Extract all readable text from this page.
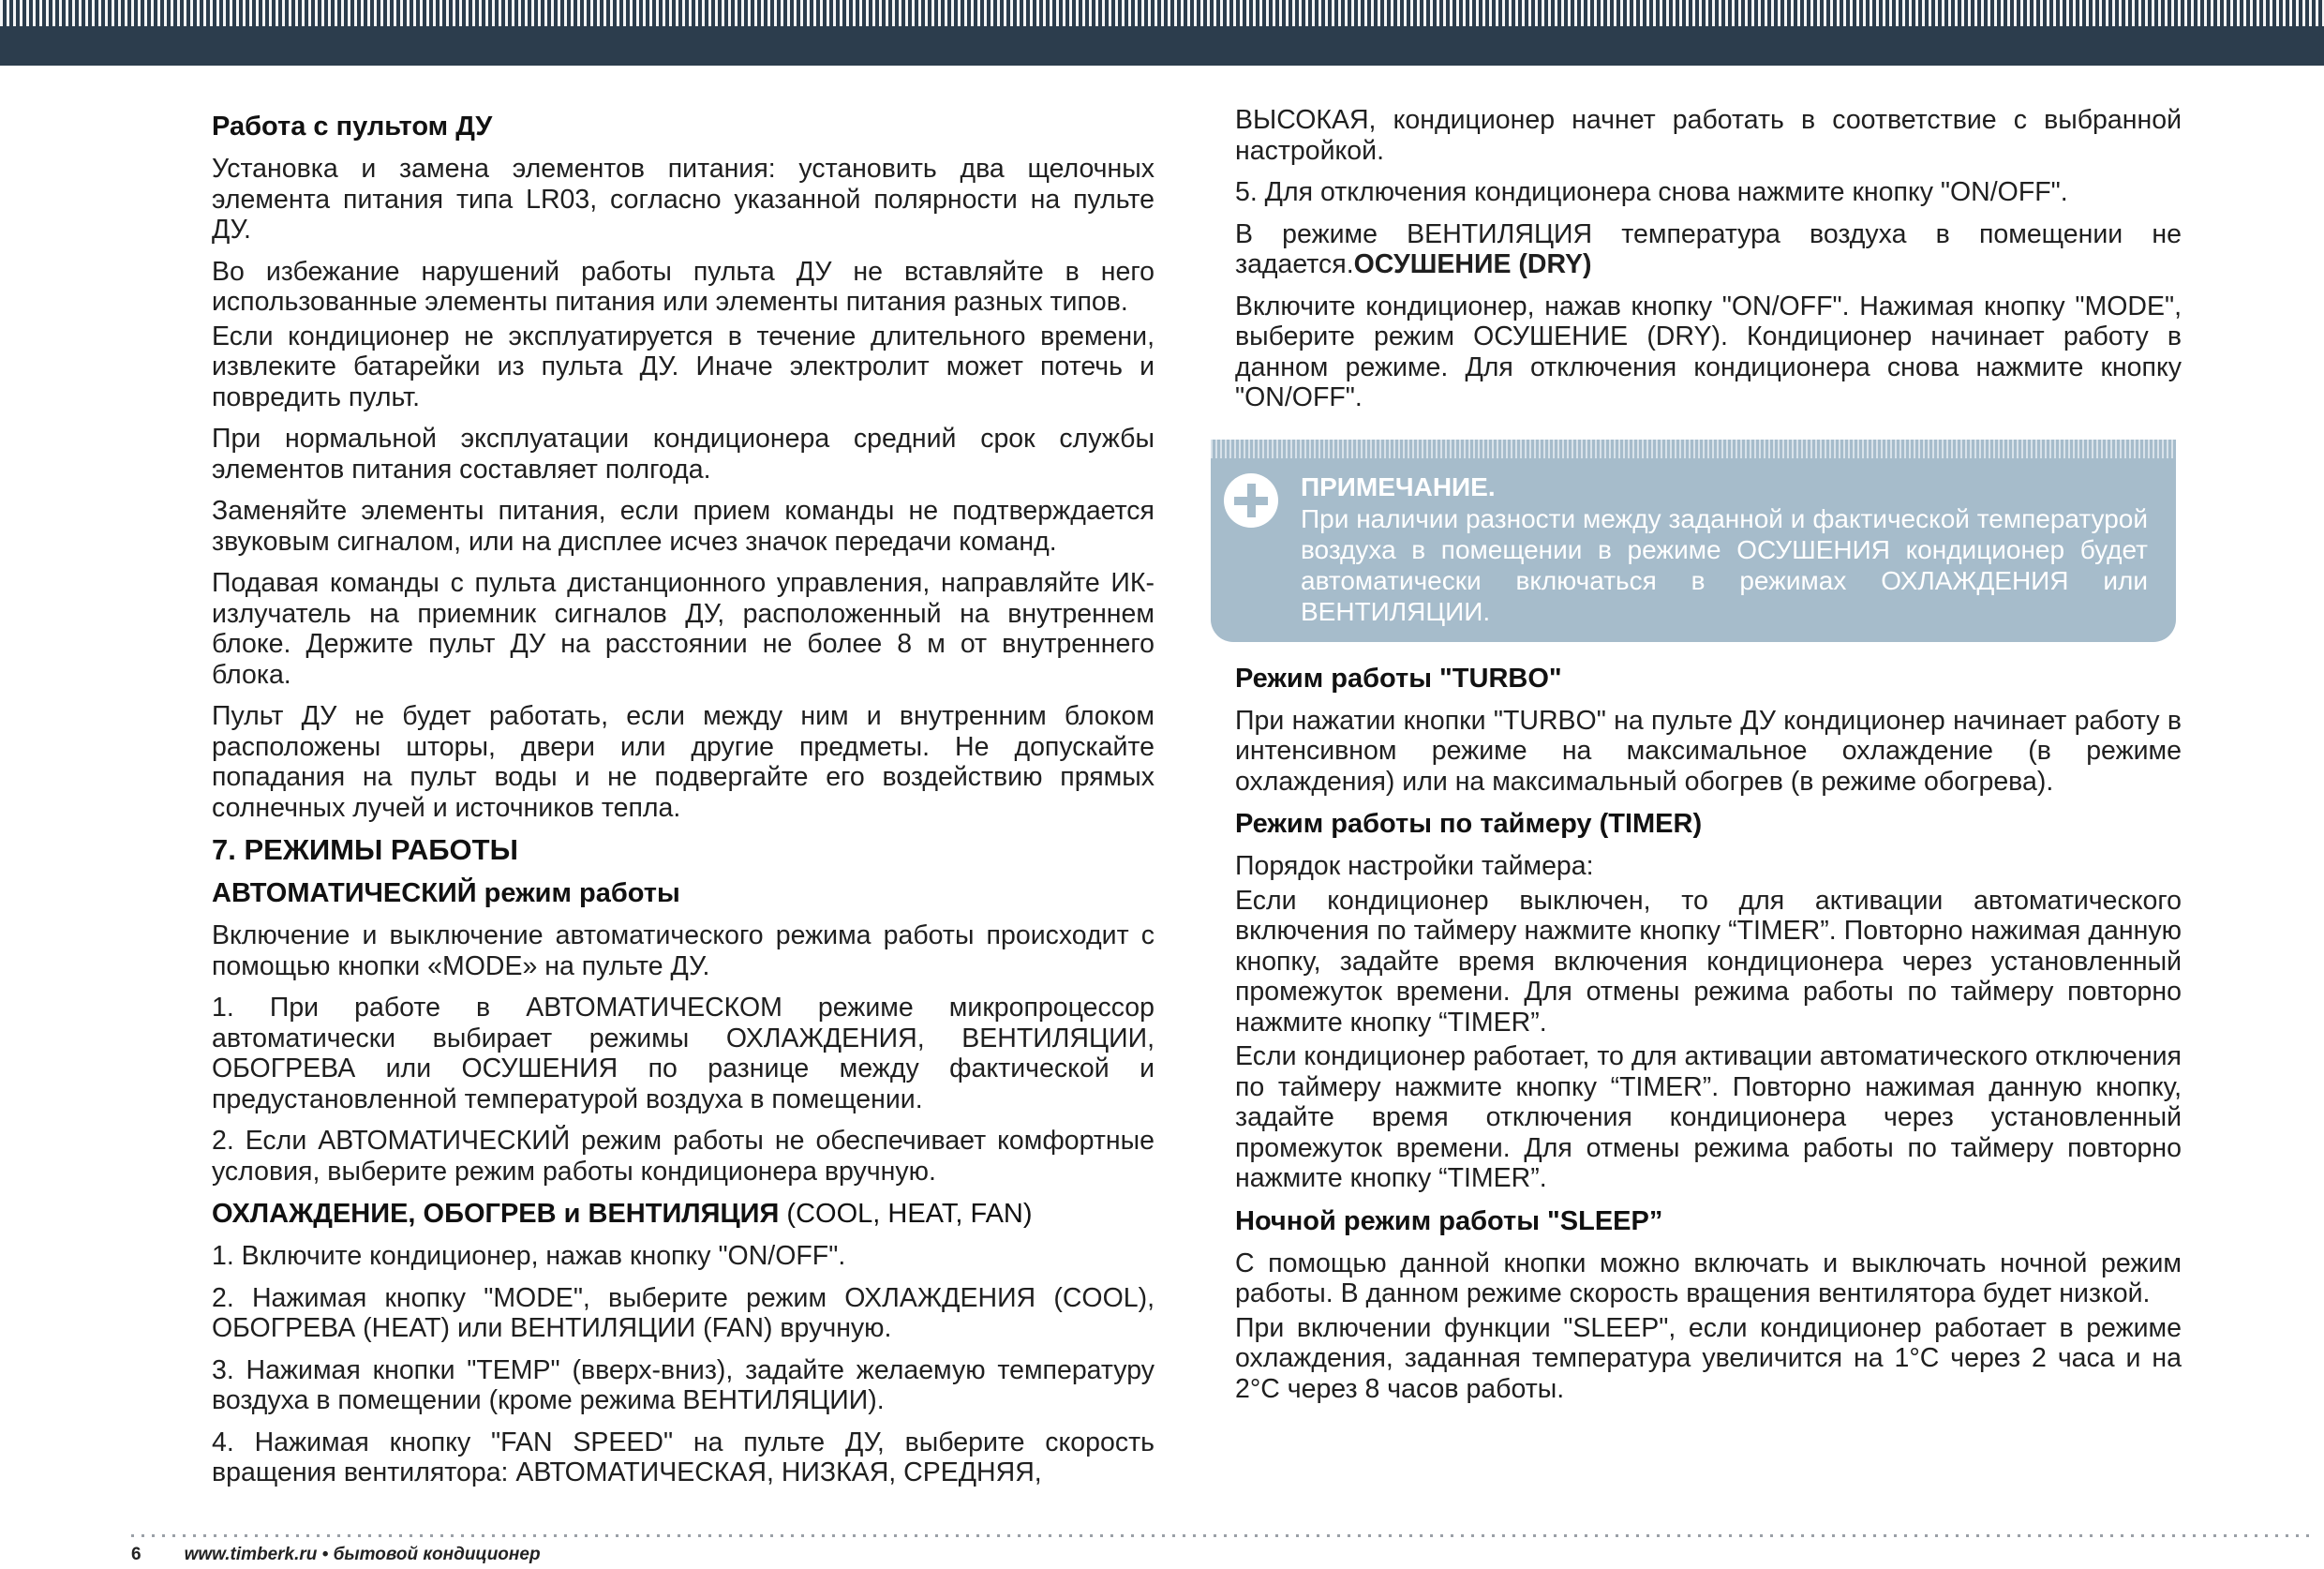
Работа с пультом ДУ

Установка и замена элементов питания: установить два щелочных элемента питания типа LR03, согласно указанной полярности на пульте ДУ.

Во избежание нарушений работы пульта ДУ не вставляйте в него использованные элементы питания или элементы питания разных типов.

Если кондиционер не эксплуатируется в течение длительного времени, извлеките батарейки из пульта ДУ. Иначе электролит может потечь и повредить пульт.

При нормальной эксплуатации кондиционера средний срок службы элементов питания составляет полгода.

Заменяйте элементы питания, если прием команды не подтверждается звуковым сигналом, или на дисплее исчез значок передачи команд.

Подавая команды с пульта дистанционного управления, направляйте ИК-излучатель на приемник сигналов ДУ, расположенный на внутреннем блоке. Держите пульт ДУ на расстоянии не более 8 м от внутреннего блока.

Пульт ДУ не будет работать, если между ним и внутренним блоком расположены шторы, двери или другие предметы. Не допускайте попадания на пульт воды и не подвергайте его воздействию прямых солнечных лучей и источников тепла.

7. РЕЖИМЫ РАБОТЫ
АВТОМАТИЧЕСКИЙ режим работы

Включение и выключение автоматического режима работы происходит с помощью кнопки «MODE» на пульте ДУ.

1. При работе в АВТОМАТИЧЕСКОМ режиме микропроцессор автоматически выбирает режимы ОХЛАЖДЕНИЯ, ВЕНТИЛЯЦИИ, ОБОГРЕВА или ОСУШЕНИЯ по разнице между фактической и предустановленной температурой воздуха в помещении.

2. Если АВТОМАТИЧЕСКИЙ режим работы не обеспечивает комфортные условия, выберите режим работы кондиционера вручную.

ОХЛАЖДЕНИЕ, ОБОГРЕВ и ВЕНТИЛЯЦИЯ (COOL, HEAT, FAN)

1. Включите кондиционер, нажав кнопку "ON/OFF".

2. Нажимая кнопку "MODE", выберите режим ОХЛАЖДЕНИЯ (COOL), ОБОГРЕВА (HEAT) или ВЕНТИЛЯЦИИ (FAN) вручную.

3. Нажимая кнопки "TEMP" (вверх-вниз), задайте желаемую температуру воздуха в помещении (кроме режима ВЕНТИЛЯЦИИ).

4. Нажимая кнопку "FAN SPEED" на пульте ДУ, выберите скорость вращения вентилятора: АВТОМАТИЧЕСКАЯ, НИЗКАЯ, СРЕДНЯЯ,

ВЫСОКАЯ, кондиционер начнет работать в соответствие с выбранной настройкой.

5. Для отключения кондиционера снова нажмите кнопку "ON/OFF".

В режиме ВЕНТИЛЯЦИЯ температура воздуха в помещении не задается.ОСУШЕНИЕ (DRY)

Включите кондиционер, нажав кнопку "ON/OFF". Нажимая кнопку "MODE", выберите режим ОСУШЕНИЕ (DRY). Кондиционер начинает работу в данном режиме. Для отключения кондиционера снова нажмите кнопку "ON/OFF".

ПРИМЕЧАНИЕ.

При наличии разности между заданной и фактической температурой воздуха в помещении в режиме ОСУШЕНИЯ кондиционер будет автоматически включаться в режимах ОХЛАЖДЕНИЯ или ВЕНТИЛЯЦИИ.

Режим работы "TURBO"

При нажатии кнопки "TURBO" на пульте ДУ кондиционер начинает работу в интенсивном режиме на максимальное охлаждение (в режиме охлаждения) или на максимальный обогрев (в режиме обогрева).

Режим работы по таймеру (TIMER)

Порядок настройки таймера:

Если кондиционер выключен, то для активации автоматического включения по таймеру нажмите кнопку “TIMER”. Повторно нажимая данную кнопку, задайте время включения кондиционера через установленный промежуток времени. Для отмены режима работы по таймеру повторно нажмите кнопку “TIMER”.

Если кондиционер работает, то для активации автоматического отключения по таймеру нажмите кнопку “TIMER”. Повторно нажимая данную кнопку, задайте время отключения кондиционера через установленный промежуток времени. Для отмены режима работы по таймеру повторно нажмите кнопку “TIMER”.

Ночной режим работы "SLEEP”

С помощью данной кнопки можно включать и выключать ночной режим работы. В данном режиме скорость вращения вентилятора будет низкой.

При включении функции "SLEEP", если кондиционер работает в режиме охлаждения, заданная температура увеличится на 1°С через 2 часа и на 2°С через 8 часов работы.

6 www.timberk.ru • бытовой кондиционер
